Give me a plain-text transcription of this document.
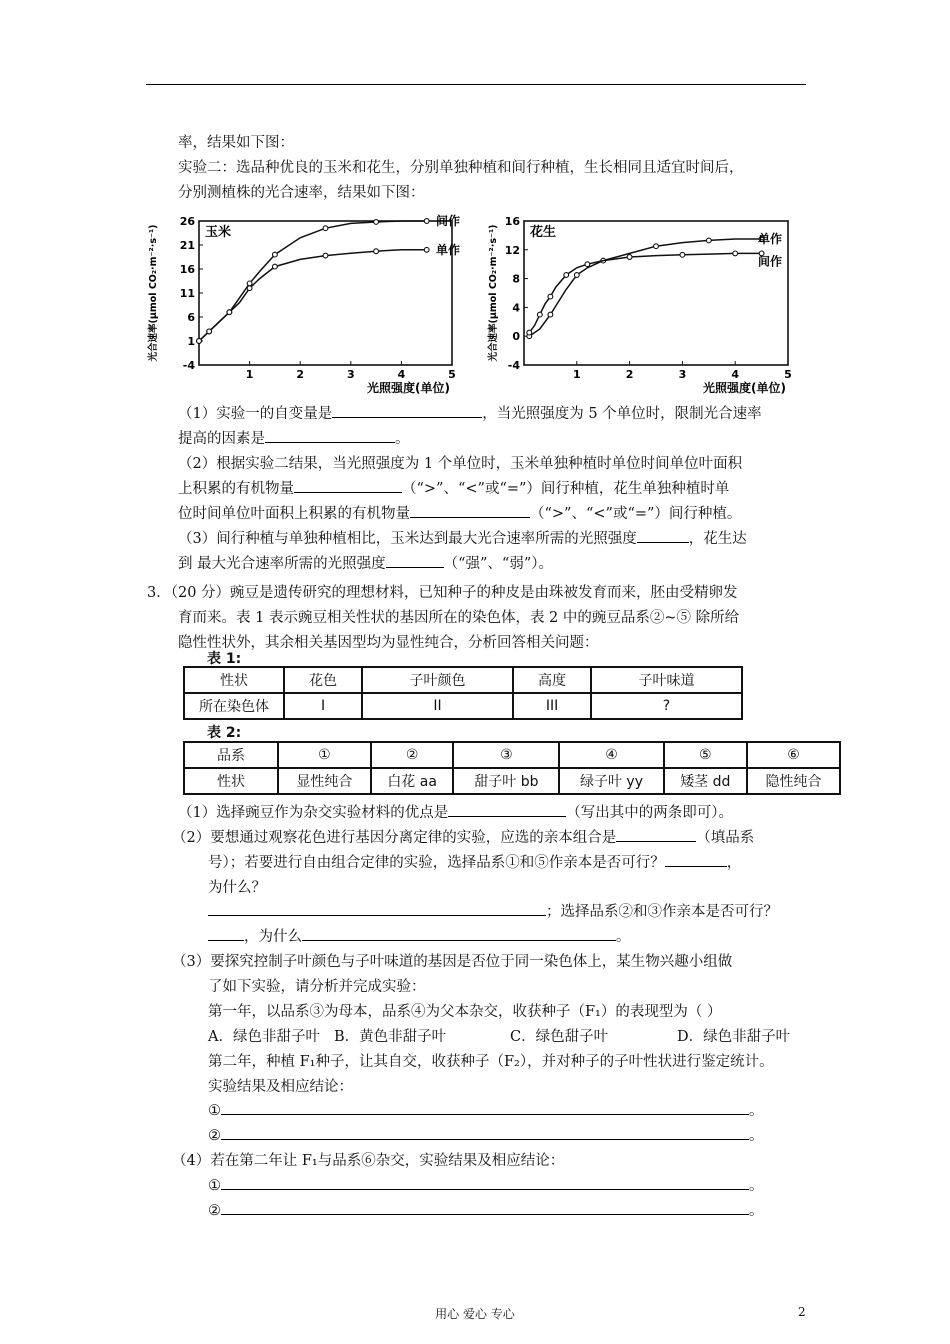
率，结果如下图：
实验二：选品种优良的玉米和花生，分别单独种植和间行种植，生长相同且适宜时间后，
分别测植株的光合速率，结果如下图：
26
21
16
11
6
1
-4
1	2	3	4	5
玉米
光照强度(单位)
光合速率(μmol CO₂·m⁻²·s⁻¹)
间作
单作
16
12
8
4
0
-4
1	2	3	4	5
花生
光照强度(单位)
光合速率(μmol CO₂·m⁻²·s⁻¹)	单作
间作
（1）实验一的自变量是	，当光照强度为 5 个单位时，限制光合速率
提高的因素是	。
（2）根据实验二结果，当光照强度为 1 个单位时，玉米单独种植时单位时间单位叶面积
上积累的有机物量	（“>”、“<”或“=”）间行种植，花生单独种植时单
位时间单位叶面积上积累的有机物量	（“>”、“<”或“=”）间行种植。
（3）间行种植与单独种植相比，玉米达到最大光合速率所需的光照强度	，花生达
到 最大光合速率所需的光照强度	（“强”、“弱”）。
3．（20 分）豌豆是遗传研究的理想材料，已知种子的种皮是由珠被发育而来，胚由受精卵发
育而来。表 1 表示豌豆相关性状的基因所在的染色体，表 2 中的豌豆品系②~⑤ 除所给
隐性性状外，其余相关基因型均为显性纯合，分析回答相关问题：
表 1:
性状	花色	子叶颜色	高度	子叶味道
所在染色体	I	II	III	?
表 2:
品系	①	②	③	④	⑤	⑥
性状	显性纯合	白花 aa	甜子叶 bb	绿子叶 yy	矮茎 dd	隐性纯合
（1）选择豌豆作为杂交实验材料的优点是	（写出其中的两条即可）。
（2）要想通过观察花色进行基因分离定律的实验，应选的亲本组合是	（填品系
号）；若要进行自由组合定律的实验，选择品系①和⑤作亲本是否可行？	，
为什么？
；选择品系②和③作亲本是否可行？
，为什么	。
（3）要探究控制子叶颜色与子叶味道的基因是否位于同一染色体上，某生物兴趣小组做
了如下实验，请分析并完成实验：
第一年，以品系③为母本，品系④为父本杂交，收获种子（F₁）的表现型为（ ）
A．绿色非甜子叶 B．黄色非甜子叶	C．绿色甜子叶	D．绿色非甜子叶
第二年，种植 F₁种子，让其自交，收获种子（F₂），并对种子的子叶性状进行鉴定统计。
实验结果及相应结论：
①	。
②	。
（4）若在第二年让 F₁与品系⑥杂交，实验结果及相应结论：
①	。
②	。
用心 爱心 专心	2
